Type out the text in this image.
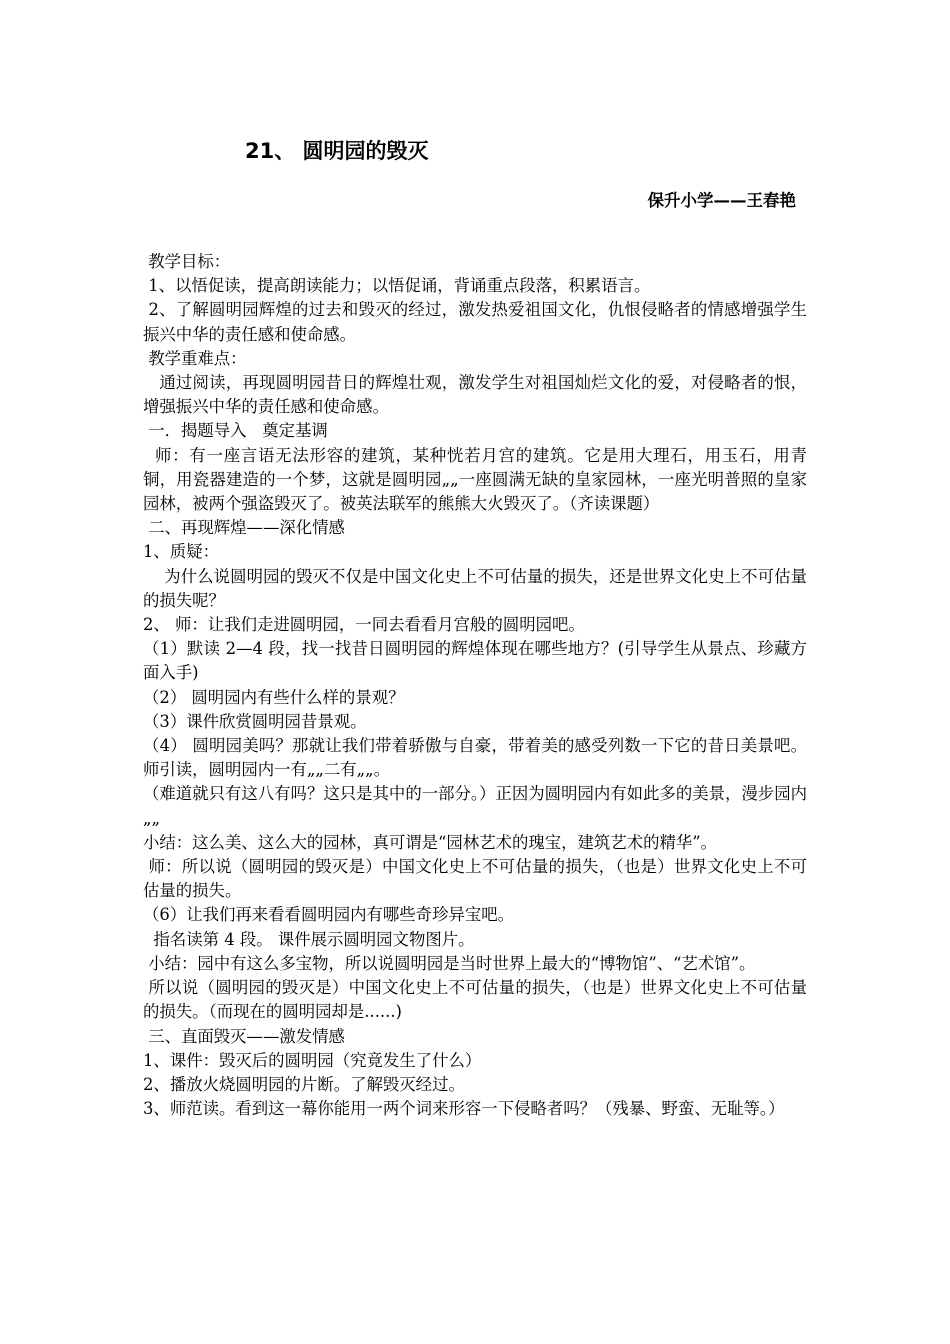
21、 圆明园的毁灭
保升小学——王春艳

教学目标：

1、以悟促读，提高朗读能力；以悟促诵，背诵重点段落，积累语言。

2、了解圆明园辉煌的过去和毁灭的经过，激发热爱祖国文化，仇恨侵略者的情感增强学生振兴中华的责任感和使命感。

教学重难点：

通过阅读，再现圆明园昔日的辉煌壮观，激发学生对祖国灿烂文化的爱，对侵略者的恨，增强振兴中华的责任感和使命感。

一．揭题导入   奠定基调

师：有一座言语无法形容的建筑，某种恍若月宫的建筑。它是用大理石，用玉石，用青铜，用瓷器建造的一个梦，这就是圆明园„„一座圆满无缺的皇家园林，一座光明普照的皇家园林，被两个强盗毁灭了。被英法联军的熊熊大火毁灭了。（齐读课题）

二、再现辉煌——深化情感

1、质疑：

为什么说圆明园的毁灭不仅是中国文化史上不可估量的损失，还是世界文化史上不可估量的损失呢？

2、 师：让我们走进圆明园，一同去看看月宫般的圆明园吧。

（1）默读 2—4 段，找一找昔日圆明园的辉煌体现在哪些地方？(引导学生从景点、珍藏方面入手)

（2） 圆明园内有些什么样的景观？

（3）课件欣赏圆明园昔景观。

（4） 圆明园美吗？那就让我们带着骄傲与自豪，带着美的感受列数一下它的昔日美景吧。师引读，圆明园内一有„„二有„„。

（难道就只有这八有吗？这只是其中的一部分。）正因为圆明园内有如此多的美景，漫步园内„„

小结：这么美、这么大的园林，真可谓是“园林艺术的瑰宝，建筑艺术的精华”。

师：所以说（圆明园的毁灭是）中国文化史上不可估量的损失，（也是）世界文化史上不可估量的损失。

（6）让我们再来看看圆明园内有哪些奇珍异宝吧。

指名读第 4 段。 课件展示圆明园文物图片。

小结：园中有这么多宝物，所以说圆明园是当时世界上最大的“博物馆”、“艺术馆”。

所以说（圆明园的毁灭是）中国文化史上不可估量的损失，（也是）世界文化史上不可估量的损失。（而现在的圆明园却是......)

三、直面毁灭——激发情感

1、课件：毁灭后的圆明园（究竟发生了什么）

2、播放火烧圆明园的片断。了解毁灭经过。

3、师范读。看到这一幕你能用一两个词来形容一下侵略者吗？（残暴、野蛮、无耻等。）
